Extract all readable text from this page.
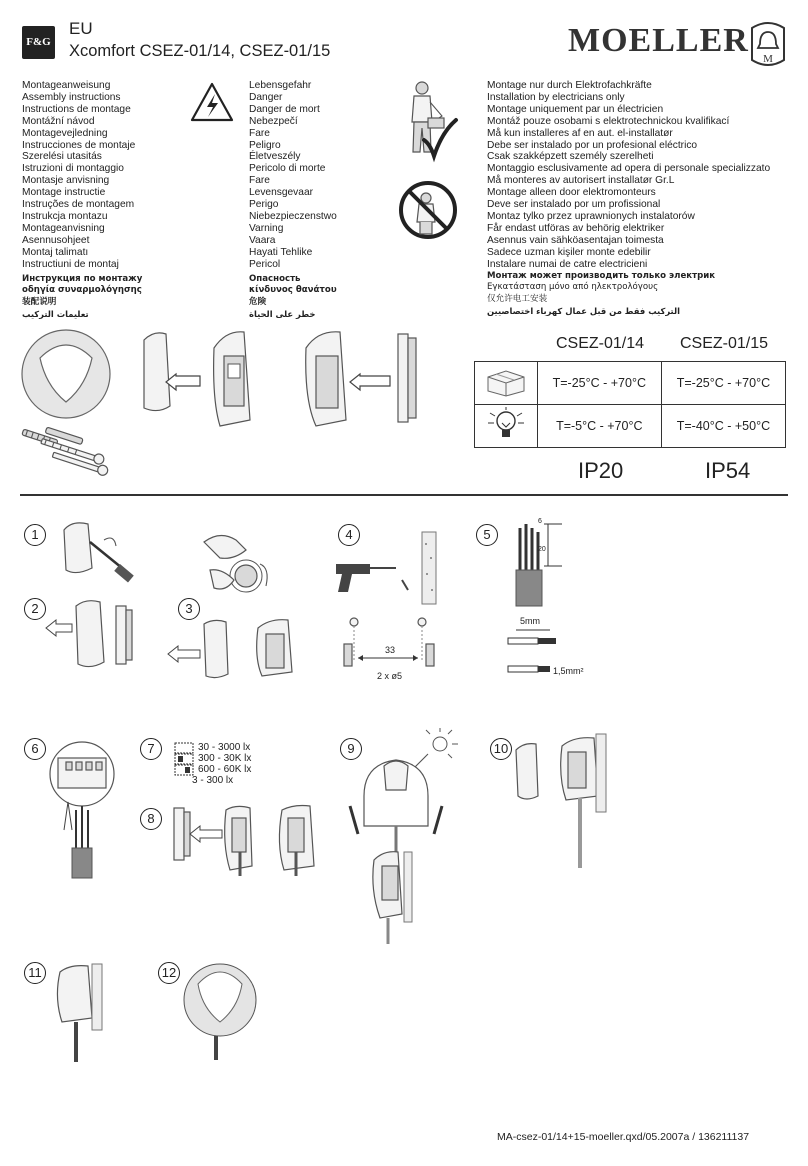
F&G
EU
Xcomfort CSEZ-01/14, CSEZ-01/15	MOELLER M
Montageanweisung
Assembly instructions
Instructions de montage
Montážní návod
Montagevejledning
Instrucciones de montaje
Szerelési utasitás
Istruzioni di montaggio
Montasje anvisning
Montage instructie
Instruções de montagem
Instrukcja montazu
Montageanvisning
Asennusohjeet
Montaj talimatı
Instructiuni de montaj
Инструкция по монтажу
οδηγία συναρμολόγησης
装配说明
تعليمات التركيب
Lebensgefahr
Danger
Danger de mort
Nebezpečí
Fare
Peligro
Életveszély
Pericolo di morte
Fare
Levensgevaar
Perigo
Niebezpieczenstwo
Varning
Vaara
Hayati Tehlike
Pericol
Опасность
κίνδυνος θανάτου
危険
خطر على الحياة
Montage nur durch Elektrofachkräfte
Installation by electricians only
Montage uniquement par un électricien
Montáž pouze osobami s elektrotechnickou kvalifikací
Må kun installeres af en aut. el-installatør
Debe ser instalado por un profesional eléctrico
Csak szakképzett személy szerelheti
Montaggio esclusivamente ad opera di personale specializzato
Må monteres av autorisert installatør Gr.L
Montage alleen door elektromonteurs
Deve ser instalado por um profissional
Montaz tylko przez uprawnionych instalatorów
Får endast utföras av behörig elektriker
Asennus vain sähköasentajan toimesta
Sadece uzman kişiler monte edebilir
Instalare numai de catre electricieni
Монтаж может производить только электрик
Εγκατάσταση μόνο από ηλεκτρολόγους
仅允许电工安装
التركيب فقط من قبل عمال كهرباء اختصاصيين
CSEZ-01/14 CSEZ-01/15
	T=-25°C - +70°C	T=-25°C - +70°C
	T=-5°C - +70°C	T=-40°C - +50°C
IP20	IP54
1
2	3
4
33
2 x ø5
5
6
20
5mm
1,5mm²
6	7	30 - 3000 lx
300 - 30K lx
600 - 60K lx
3 - 300 lx
8
9	10
11	12
MA-csez-01/14+15-moeller.qxd/05.2007a / 136211137
